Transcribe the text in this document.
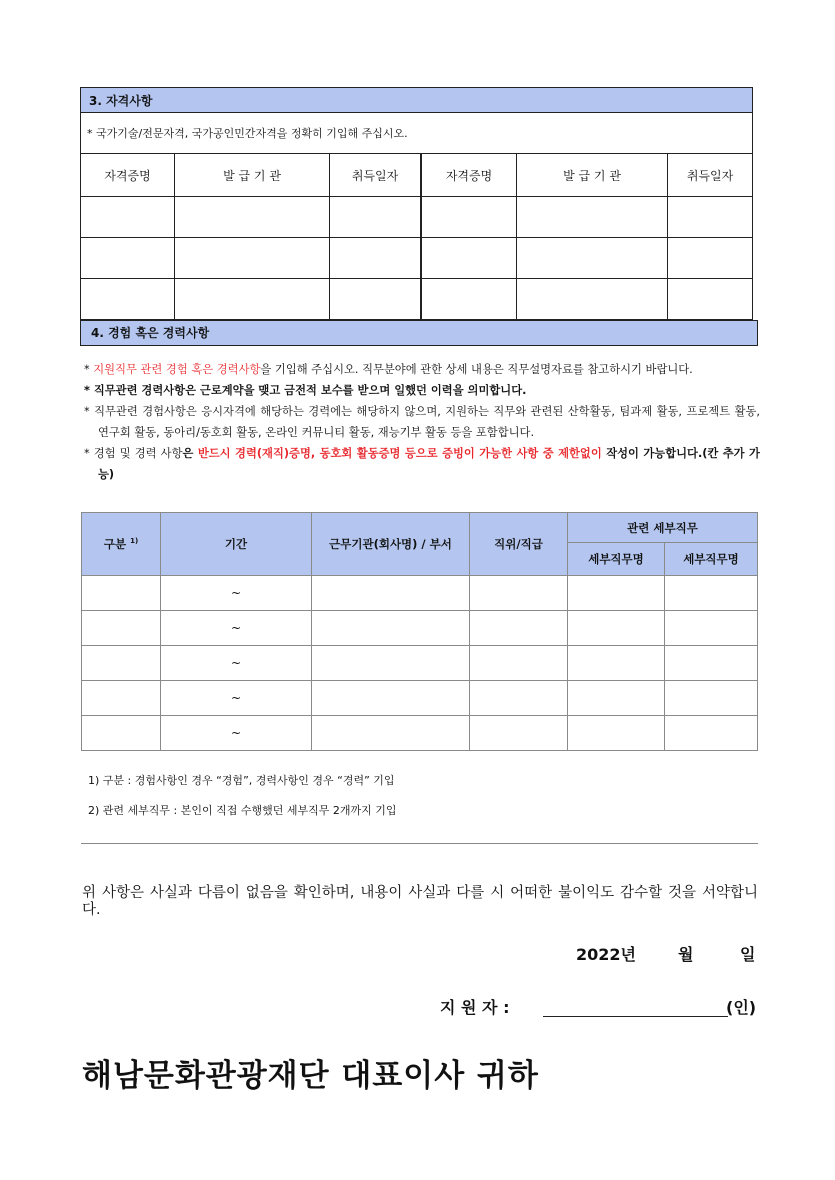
3. 자격사항					
* 국가기술/전문자격, 국가공인민간자격을 정확히 기입해 주십시오.					
자격증명	발 급 기 관	취득일자	자격증명	발 급 기 관	취득일자

4. 경험 혹은 경력사항
* 지원직무 관련 경험 혹은 경력사항을 기입해 주십시오. 직무분야에 관한 상세 내용은 직무설명자료를 참고하시기 바랍니다.
* 직무관련 경력사항은 근로계약을 맺고 금전적 보수를 받으며 일했던 이력을 의미합니다.
* 직무관련 경험사항은 응시자격에 해당하는 경력에는 해당하지 않으며, 지원하는 직무와 관련된 산학활동, 팀과제 활동, 프로젝트 활동, 연구회 활동, 동아리/동호회 활동, 온라인 커뮤니티 활동, 재능기부 활동 등을 포함합니다.
* 경험 및 경력 사항은 반드시 경력(재직)증명, 동호회 활동증명 등으로 증빙이 가능한 사항 중 제한없이 작성이 가능합니다.(칸 추가 가능)
구분 $^{1)}$	기간	근무기관(회사명) / 부서	직위/직급	관련 세부직무	
				세부직무명	세부직무명
	~				
	~				
	~				
	~				
	~				
1) 구분 : 경험사항인 경우 “경험”, 경력사항인 경우 “경력” 기입
2) 관련 세부직무 : 본인이 직접 수행했던 세부직무 2개까지 기입
위 사항은 사실과 다름이 없음을 확인하며, 내용이 사실과 다를 시 어떠한 불이익도 감수할 것을 서약합니다.
2022년	월	일
지 원 자 :	(인)
해남문화관광재단 대표이사 귀하
